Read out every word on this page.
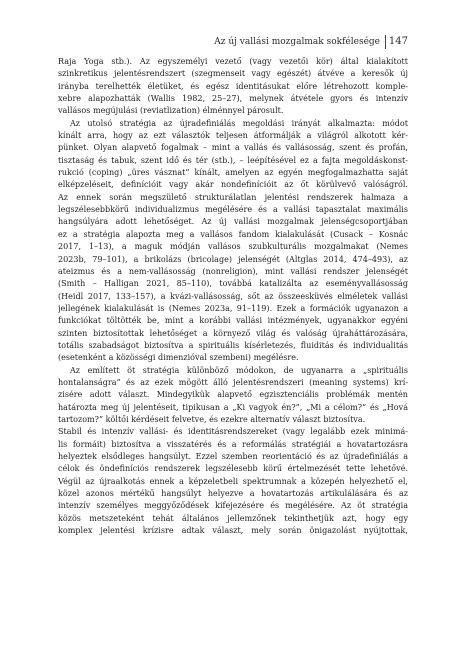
Az új vallási mozgalmak sokfélesége 147
Raja Yoga stb.). Az egyszemélyi vezető (vagy vezetői kör) által kialakított
szinkretikus jelentésrendszert (szegmenseit vagy egészét) átvéve a keresők új
irányba terelhették életüket, és egész identitásukat előre létrehozott komple-
xebre alapozhatták (Wallis 1982, 25–27), melynek átvétele gyors és intenzív
vallásos megújulási (reviatlization) élménnyel párosult.
Az utolsó stratégia az újradefiniálás megoldási irányát alkalmazta: módot
kínált arra, hogy az ezt választók teljesen átformálják a világról alkotott kér-
pünket. Olyan alapvető fogalmak – mint a vallás és vallásosság, szent és profán,
tisztaság és tabuk, szent idő és tér (stb.), – leépítésével ez a fajta megoldáskonst-
rukció (coping) „üres vásznat” kínált, amelyen az egyén megfogalmazhatta saját
elképzeléseit, definícióit vagy akár nondefinícióit az őt körülvevő valóságról.
Az ennek során megszülető strukturálatlan jelentési rendszerek halmaza a
legszélesebbkörű individualizmus megélésére és a vallási tapasztalat maximális
hangsúlyára adott lehetőséget. Az új vallási mozgalmak jelenségcsoportjában
ez a stratégia alapozta meg a vallásos fandom kialakulását (Cusack – Kosnác
2017, 1–13), a maguk módján vallásos szubkulturális mozgalmakat (Nemes
2023b, 79–101), a brikolázs (bricolage) jelenségét (Altglas 2014, 474–493), az
ateizmus és a nem-vallásosság (nonreligion), mint vallási rendszer jelenségét
(Smith – Halligan 2021, 85–110), továbbá katalizálta az eseményvallásosság
(Heidl 2017, 133–157), a kvázi-vallásosság, sőt az összeesküvés elméletek vallási
jellegének kialakulását is (Nemes 2023a, 91–119). Ezek a formációk ugyanazon a
funkciókat töltötték be, mint a korábbi vallási intézmények, ugyanakkor egyéni
szinten biztosítottak lehetőséget a környező világ és valóság újraháttározására,
totális szabadságot biztosítva a spirituális kísérletezés, fluiditás és individualitás
(esetenként a közösségi dimenzióval szembeni) megélésre.
Az említett öt stratégia különböző módokon, de ugyanarra a „spirituális
hontalanságra” és az ezek mögött álló jelentésrendszeri (meaning systems) krí-
zisére adott választ. Mindegyikük alapvető egzisztenciális problémák mentén
határozta meg új jelentéseit, tipikusan a „Ki vagyok én?”, „Mi a célom?” és „Hová
tartozom?” költői kérdéseit felvetve, és ezekre alternatív választ biztosítva.
Stabil és intenzív vallási- és identitásrendszereket (vagy legalább ezek minimá-
lis formáit) biztosítva a visszatérés és a reformálás stratégiái a hovatartozásra
helyeztek elsődleges hangsúlyt. Ezzel szemben reorientáció és az újradefiniálás a
célok és öndefiníciós rendszerek legszélesebb körű értelmezését tette lehetővé.
Végül az újraalkotás ennek a képzeletbeli spektrumnak a közepén helyezhető el,
közel azonos mértékű hangsúlyt helyezve a hovatartozás artikulálására és az
intenzív személyes meggyőződések kifejezésére és megélésére. Az öt stratégia
közös metszeteként tehát általános jellemzőnek tekinthetjük azt, hogy egy
komplex jelentési krízisre adtak választ, mely során önigazolást nyújtottak,
